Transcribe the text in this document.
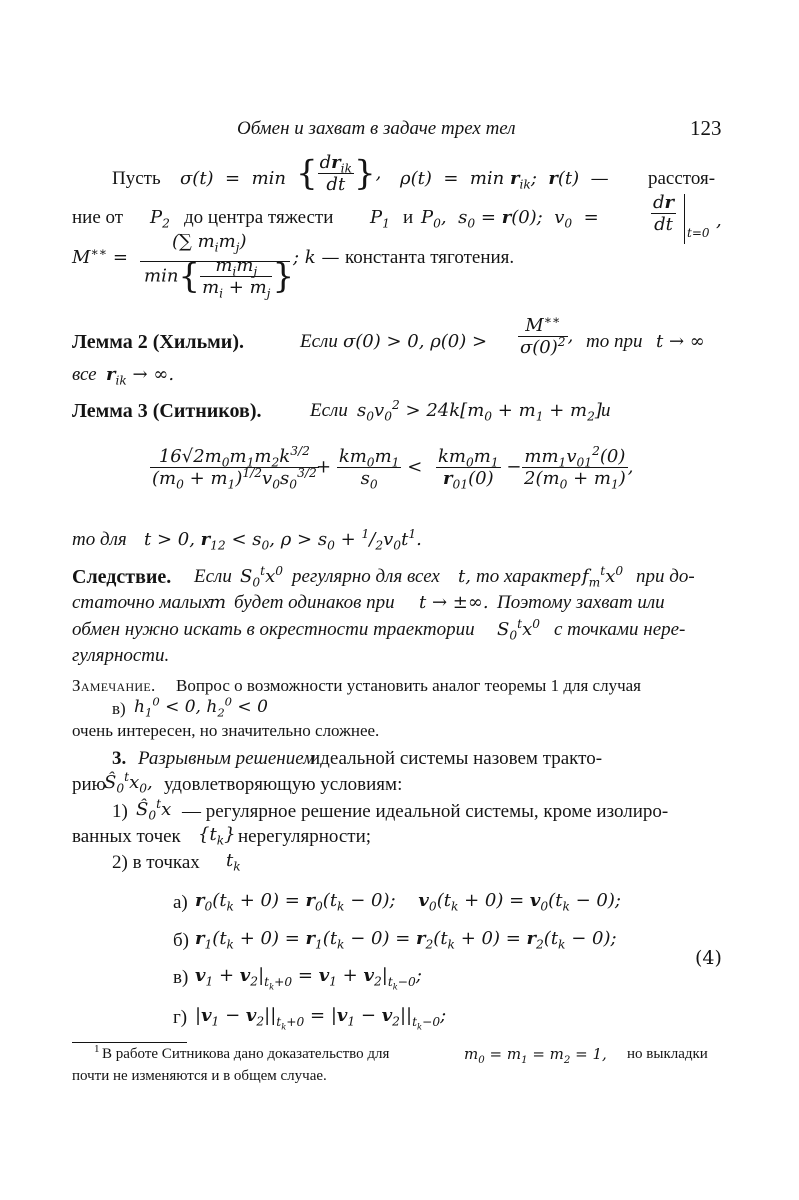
Обмен и захват в задаче трех тел	123
Пусть σ(t)  = min { $\frac{dr_{ik}}{dt}$ }, $\rho(t) = \min r_{ik}$;  r(t)  — расстоя-
ние от $P_2$ до центра тяжести $P_1$ и $P_0$,  $s_0 = r(0)$;  $v_0$ =	$\frac{dr}{dt} t=0$
,
M∗∗ =
(∑ $m_im_j$)
$\min\{ \frac{m_im_j}{m_i + m_j}$ }
; k — константа тяготения.
Лемма 2 (Хильми).	Если σ(0) > 0, $\rho(0) > \frac{M^{∗∗}}{\sigma(0)^2}$ , то при t → ∞
все $r_{ik}$ → ∞.
Лемма 3 (Ситников).	Если $s_0v_0^2 > 24k[m_0 + m_1 + m_2]$ и
$\frac{16√2m_0m_1m_2k^{3/2}}{(m_0 + m_1)^{1/2}v_0s_0^{3/2}}$
+ $\frac{km_0m_1}{s_0} < \frac{km_0m_1}{r_{01}(0)} - \frac{mm_1v_{01}^2(0)}{2(m_0 + m_1)}$ ,
то для t > 0, $r_{12} < s_0$, $\rho > s_0 + ^1/_2v_0t^1$.
Следствие. Если $S_0^tx^0$ регулярно для всех t, то характер $f_m^tx^0$ при до-
статочно малых
m будет одинаков при t → ±∞. Поэтому захват или
обмен нужно искать в окрестности траектории $S_0^tx^0$ с точками нере-
гулярности.
Замечание. Вопрос о возможности установить аналог теоремы 1 для случая
в) $h_1^0 < 0$, $h_2^0 < 0$
очень интересен, но значительно сложнее.
3. Разрывным решением
идеальной системы назовем тракто-
рию
$Ŝ_0^tx_0$, удовлетворяющую условиям:
1) $Ŝ_0^tx$ — регулярное решение идеальной системы, кроме изолиро-
ванных точек $\{t_k\}$ нерегулярности;
2) в точках $t_k$
а) $r_0(t_k + 0) = r_0(t_k - 0)$;    $v_0(t_k + 0) = v_0(t_k - 0)$;
б) $r_1(t_k + 0) = r_1(t_k - 0) = r_2(t_k + 0) = r_2(t_k - 0)$;
в) $v_1 + v_2|_{t_k+0} = v_1 + v_2|_{t_k-0}$;
г) $|v_1 - v_2||_{t_k+0} = |v_1 - v_2||_{t_k-0}$;
(4)
1 В работе Ситникова дано доказательство для	$m_0 = m_1 = m_2 = 1$, но выкладки
почти не изменяются и в общем случае.
